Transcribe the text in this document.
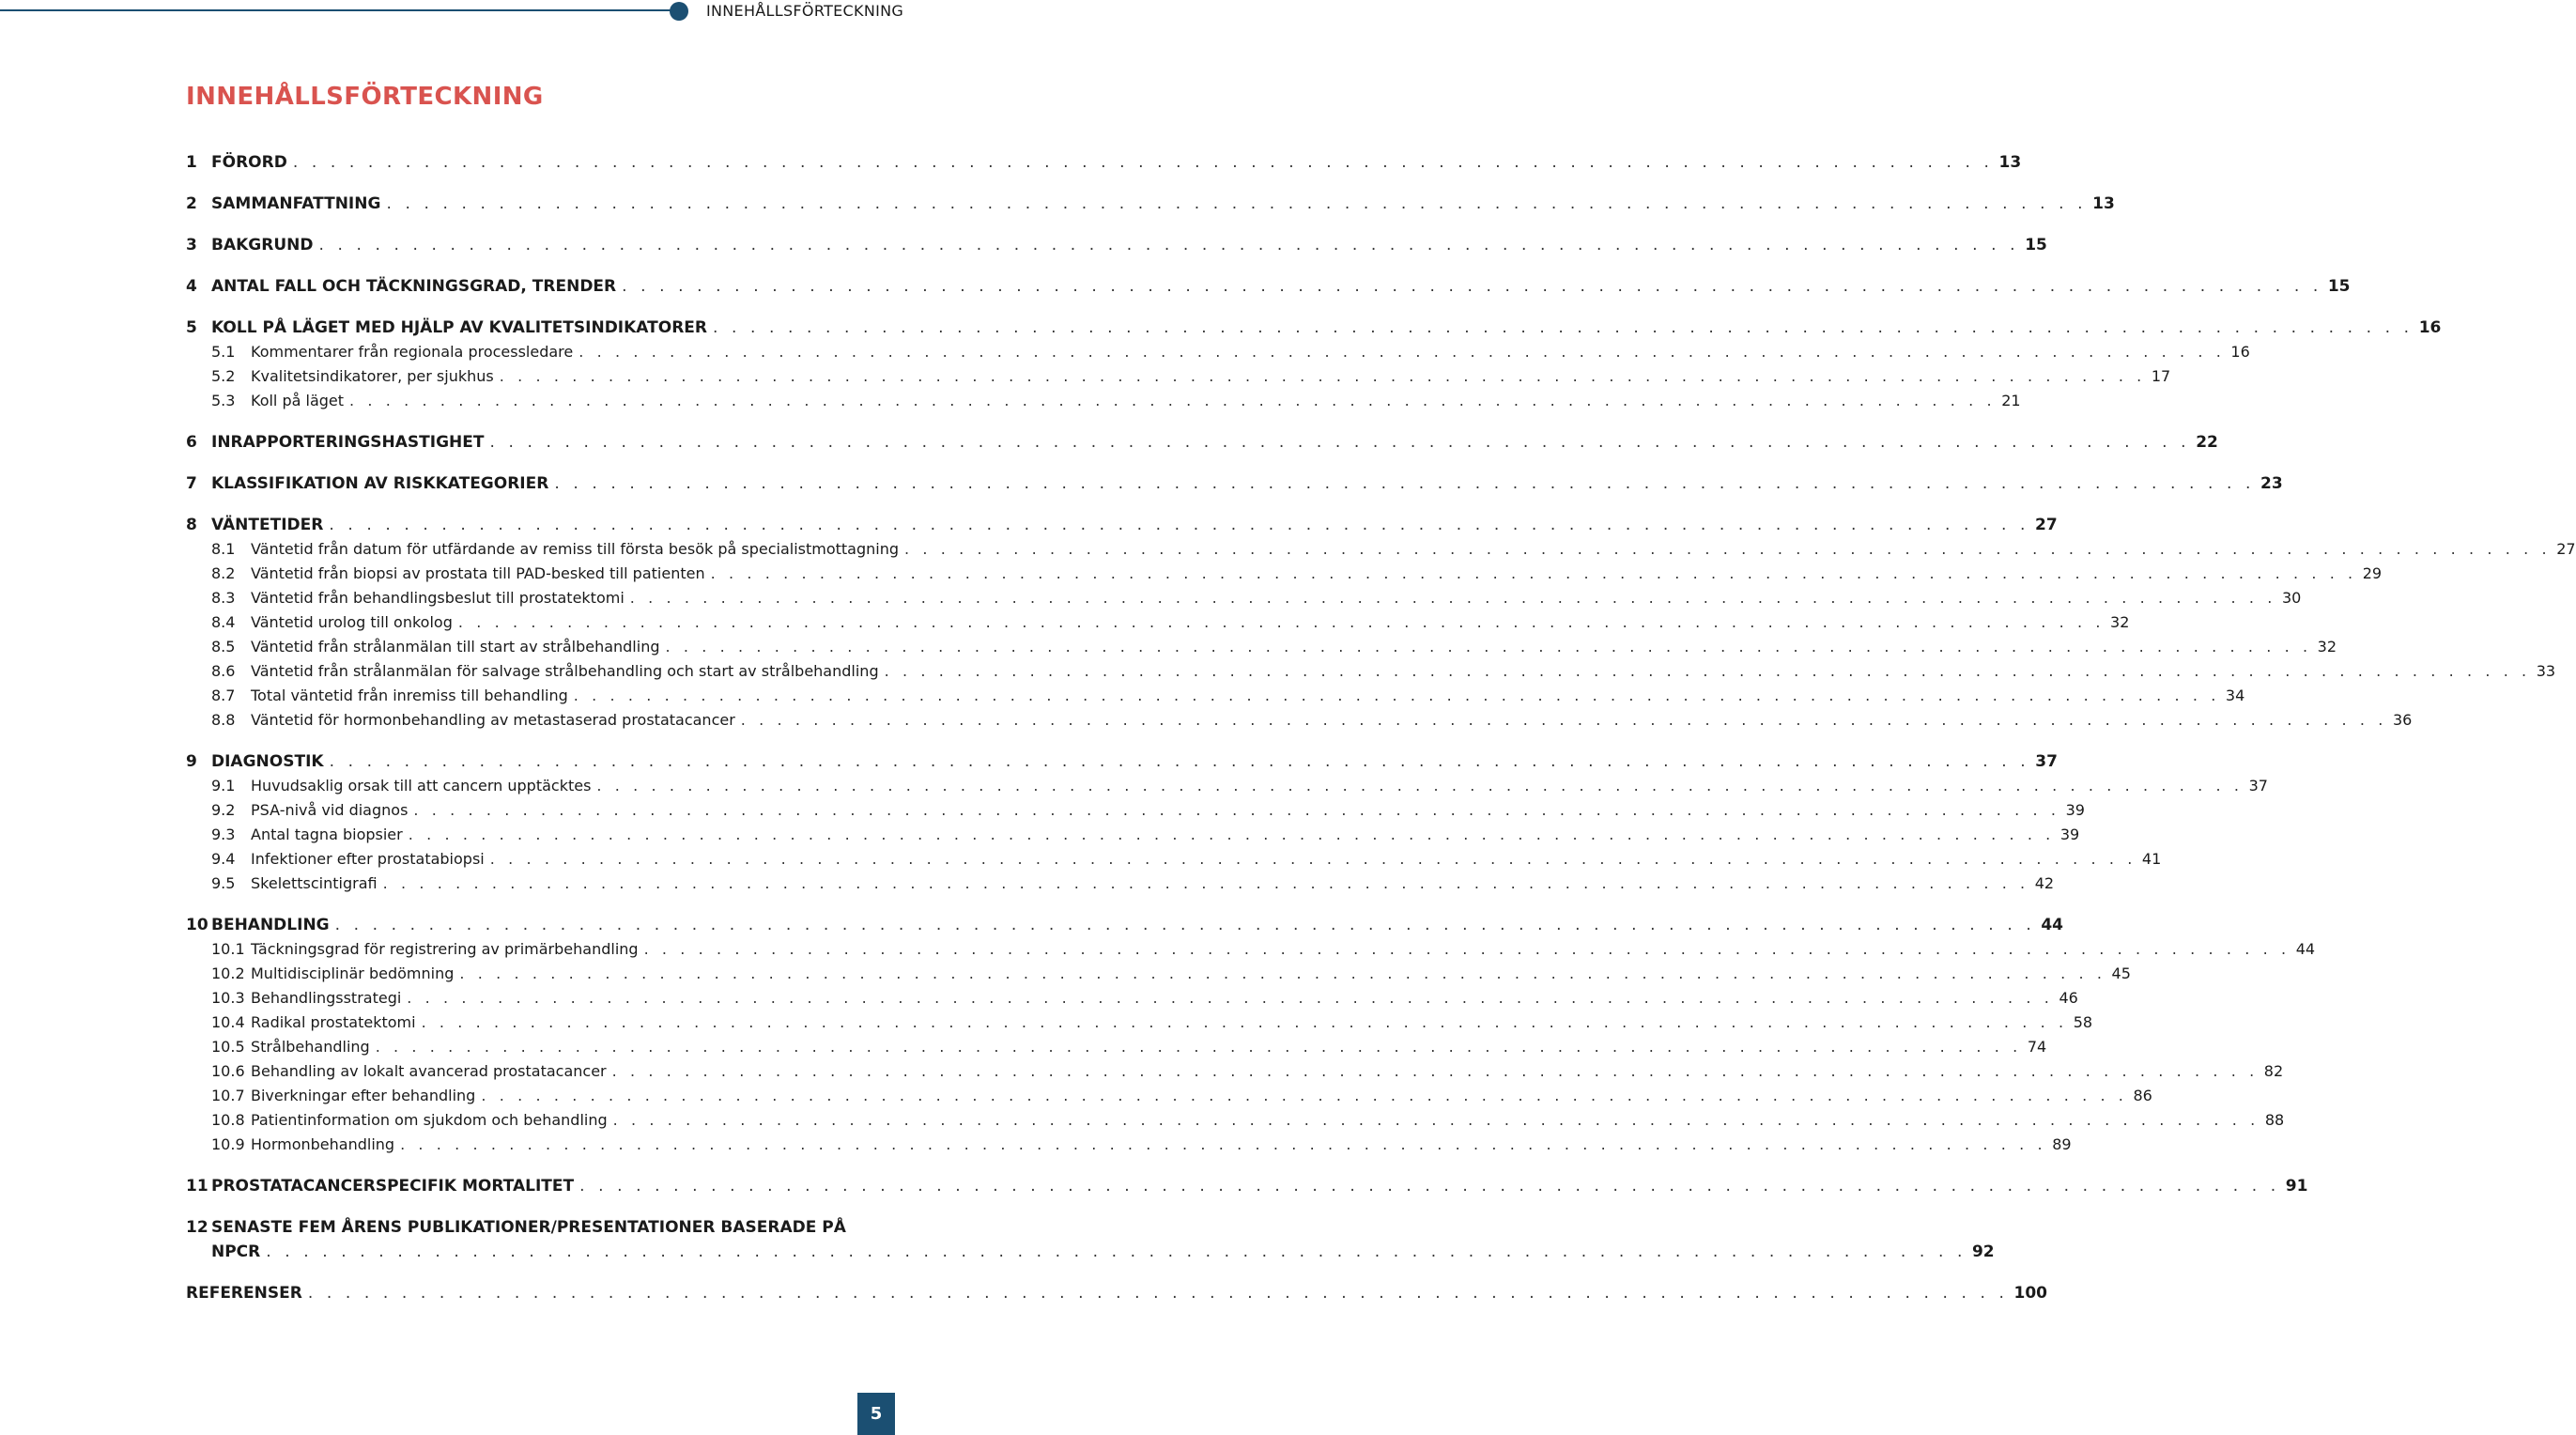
INNEHÅLLSFÖRTECKNING
INNEHÅLLSFÖRTECKNING
1 FÖRORD . . .	13
2 SAMMANFATTNING . . .	13
3 BAKGRUND . . .	15
4 ANTAL FALL OCH TÄCKNINGSGRAD, TRENDER . . .	15
5 KOLL PÅ LÄGET MED HJÄLP AV KVALITETSINDIKATORER . . .	16
5.1	Kommentarer från regionala processledare . . .	16
5.2	Kvalitetsindikatorer, per sjukhus . . .	17
5.3	Koll på läget . . .	21
6 INRAPPORTERINGSHASTIGHET . . .	22
7 KLASSIFIKATION AV RISKKATEGORIER . . .	23
8 VÄNTETIDER . . .	27
8.1	Väntetid från datum för utfärdande av remiss till första besök på specialistmottagning . . .	27
8.2	Väntetid från biopsi av prostata till PAD-besked till patienten . . .	29
8.3	Väntetid från behandlingsbeslut till prostatektomi . . .	30
8.4	Väntetid urolog till onkolog . . .	32
8.5	Väntetid från strålanmälan till start av strålbehandling . . .	32
8.6	Väntetid från strålanmälan för salvage strålbehandling och start av strålbehandling . . .	33
8.7	Total väntetid från inremiss till behandling . . .	34
8.8	Väntetid för hormonbehandling av metastaserad prostatacancer . . .	36
9 DIAGNOSTIK . . .	37
9.1	Huvudsaklig orsak till att cancern upptäcktes . . .	37
9.2	PSA-nivå vid diagnos . . .	39
9.3	Antal tagna biopsier . . .	39
9.4	Infektioner efter prostatabiopsi . . .	41
9.5	Skelettscintigrafi . . .	42
10 BEHANDLING . . .	44
10.1 Täckningsgrad för registrering av primärbehandling . . .	44
10.2 Multidisciplinär bedömning . . .	45
10.3 Behandlingsstrategi . . .	46
10.4 Radikal prostatektomi . . .	58
10.5 Strålbehandling . . .	74
10.6 Behandling av lokalt avancerad prostatacancer . . .	82
10.7 Biverkningar efter behandling . . .	86
10.8 Patientinformation om sjukdom och behandling . . .	88
10.9 Hormonbehandling . . .	89
11 PROSTATACANCERSPECIFIK MORTALITET . . .	91
12 SENASTE FEM ÅRENS PUBLIKATIONER/PRESENTATIONER BASERADE PÅ
NPCR . . .	92
REFERENSER . . .	100
5
